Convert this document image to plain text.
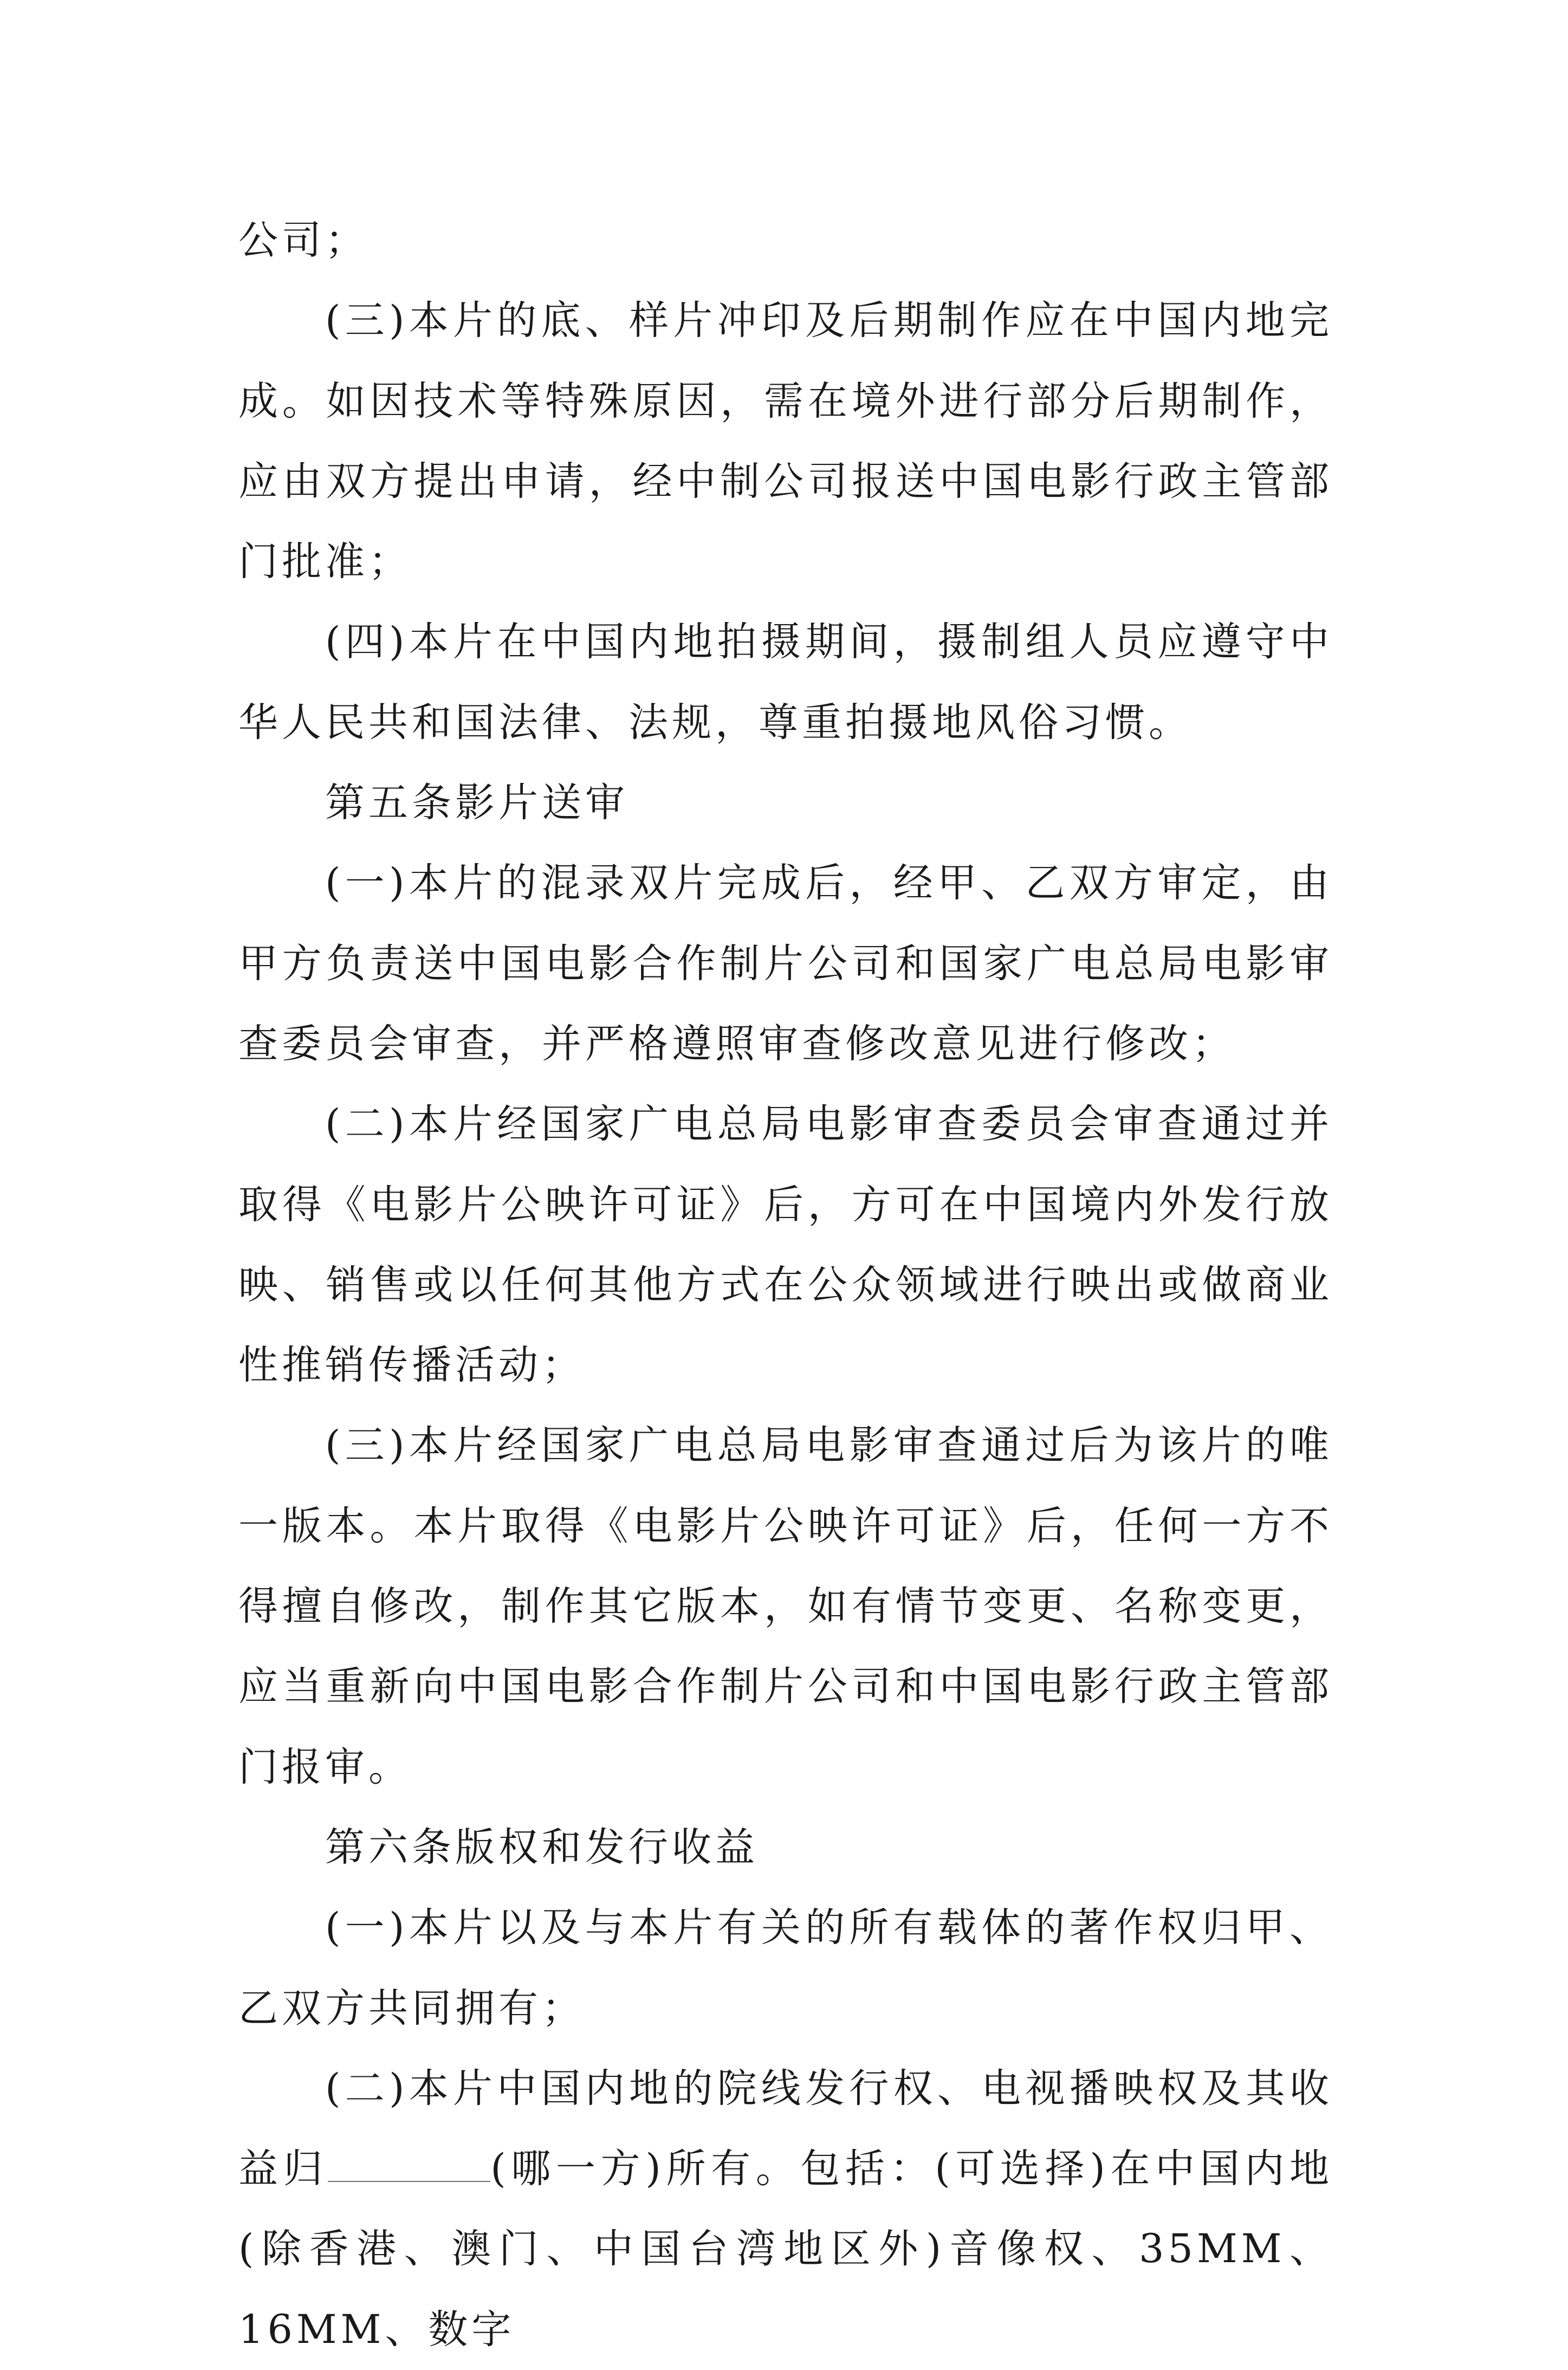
公司；

(三)本片的底、样片冲印及后期制作应在中国内地完成。如因技术等特殊原因，需在境外进行部分后期制作，应由双方提出申请，经中制公司报送中国电影行政主管部门批准；

(四)本片在中国内地拍摄期间，摄制组人员应遵守中华人民共和国法律、法规，尊重拍摄地风俗习惯。

第五条影片送审

(一)本片的混录双片完成后，经甲、乙双方审定，由甲方负责送中国电影合作制片公司和国家广电总局电影审查委员会审查，并严格遵照审查修改意见进行修改；

(二)本片经国家广电总局电影审查委员会审查通过并取得《电影片公映许可证》后，方可在中国境内外发行放映、销售或以任何其他方式在公众领域进行映出或做商业性推销传播活动；

(三)本片经国家广电总局电影审查通过后为该片的唯一版本。本片取得《电影片公映许可证》后，任何一方不得擅自修改，制作其它版本，如有情节变更、名称变更，应当重新向中国电影合作制片公司和中国电影行政主管部门报审。

第六条版权和发行收益

(一)本片以及与本片有关的所有载体的著作权归甲、乙双方共同拥有；

(二)本片中国内地的院线发行权、电视播映权及其收益归	(哪一方)所有。包括：(可选择)在中国内地(除香港、澳门、中国台湾地区外)音像权、35MM、16MM、数字
